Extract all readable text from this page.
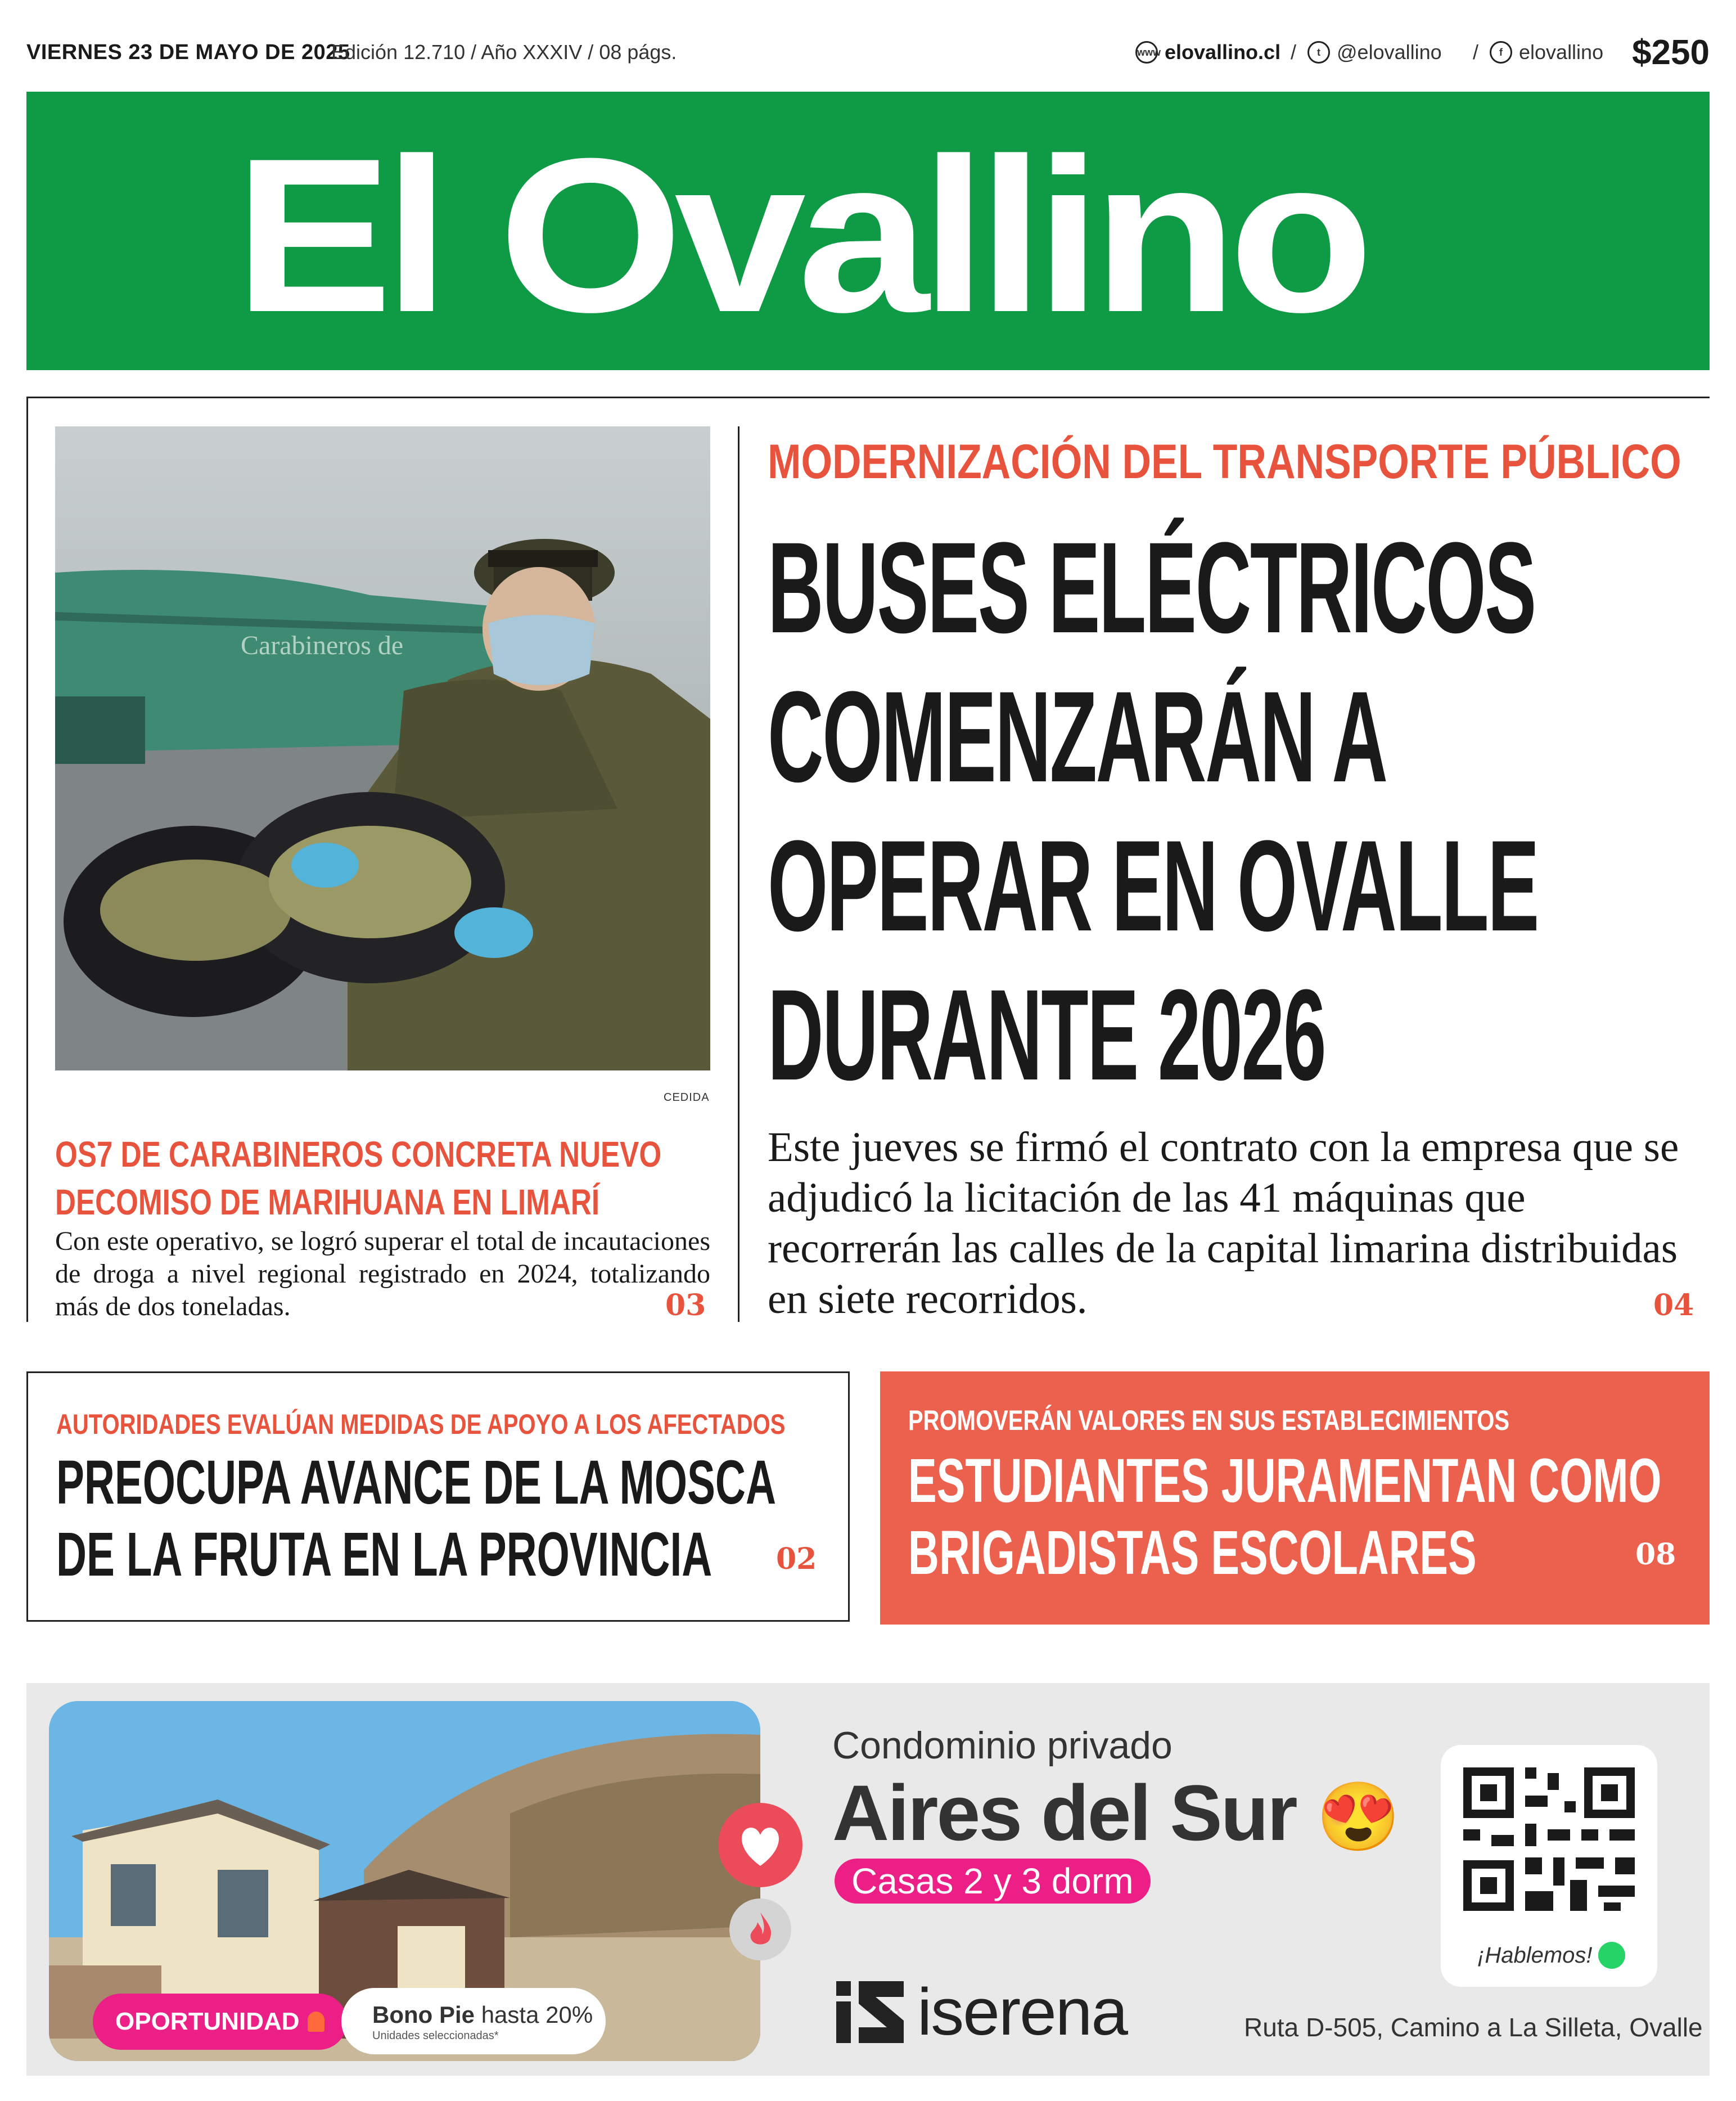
VIERNES 23 DE MAYO DE 2025
Edición 12.710 / Año XXXIV / 08 págs.	www elovallino.cl /	t @elovallino /	f elovallino $250
El Ovallino
Carabineros de
CEDIDA
OS7 DE CARABINEROS CONCRETA NUEVO
DECOMISO DE MARIHUANA EN LIMARÍ
Con este operativo, se logró superar el total de incautaciones de droga a nivel regional registrado en 2024, totalizando más de dos toneladas.	03
MODERNIZACIÓN DEL TRANSPORTE PÚBLICO
BUSES ELÉCTRICOS
COMENZARÁN A
OPERAR EN OVALLE
DURANTE 2026
Este jueves se firmó el contrato con la empresa que se adjudicó la licitación de las 41 máquinas que recorrerán las calles de la capital limarina distribuidas en siete recorridos.	04
AUTORIDADES EVALÚAN MEDIDAS DE APOYO A LOS AFECTADOS
PREOCUPA AVANCE DE LA MOSCA
DE LA FRUTA EN LA PROVINCIA 02
PROMOVERÁN VALORES EN SUS ESTABLECIMIENTOS
ESTUDIANTES JURAMENTAN COMO
BRIGADISTAS ESCOLARES	08
OPORTUNIDAD	Bono Pie hasta 20%
Unidades seleccionadas*
Condominio privado
Aires del Sur 😍
Casas 2 y 3 dorm
¡Hablemos!
iserena	Ruta D-505, Camino a La Silleta, Ovalle
